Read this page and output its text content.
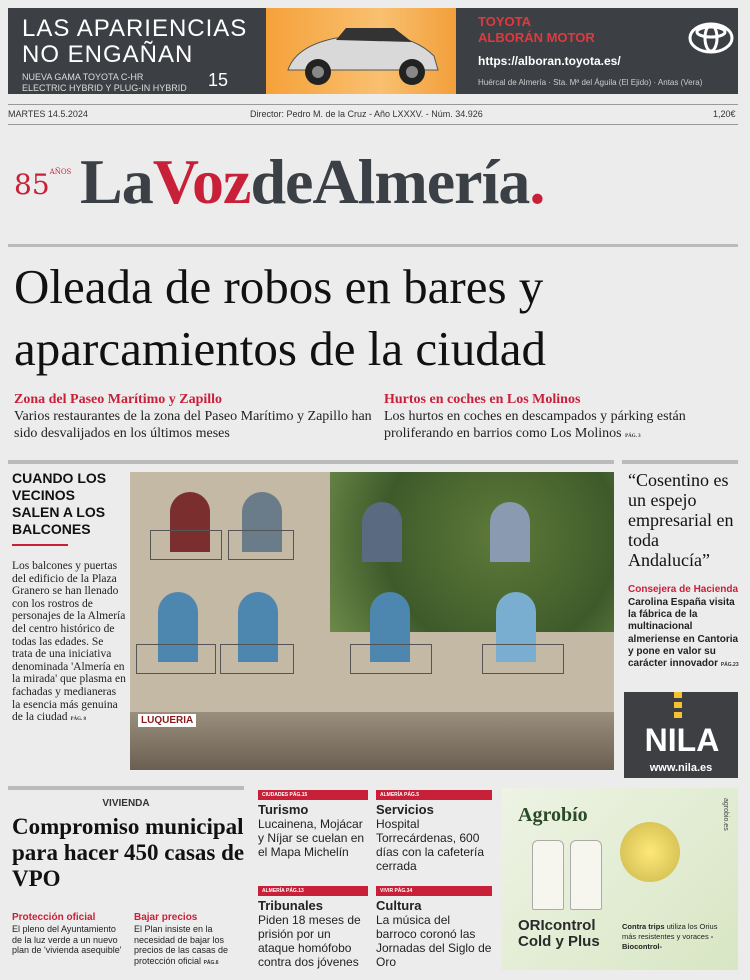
LAS APARIENCIAS
NO ENGAÑAN
NUEVA GAMA TOYOTA C-HR
ELECTRIC HYBRID Y PLUG-IN HYBRID 15
TOYOTA
ALBORÁN MOTOR
https://alboran.toyota.es/
Huércal de Almería · Sta. Mª del Águila (El Ejido) · Antas (Vera)
MARTES 14.5.2024	Director: Pedro M. de la Cruz - Año LXXXV. - Núm. 34.926	1,20€
$85^{AÑOS}$ LaVozdeAlmería.
Oleada de robos en bares y
aparcamientos de la ciudad
Zona del Paseo Marítimo y Zapillo
Varios restaurantes de la zona del Paseo Marítimo y Zapillo han sido desvalijados en los últimos meses
Hurtos en coches en Los Molinos
Los hurtos en coches en descampados y párking están proliferando en barrios como Los Molinos PÁG. 3
CUANDO LOS VECINOS SALEN A LOS BALCONES
Los balcones y puertas del edificio de la Plaza Granero se han llenado con los rostros de personajes de la Almería del centro histórico de todas las edades. Se trata de una iniciativa denominada 'Almería en la mirada' que plasma en fachadas y medianeras la esencia más genuina de la ciudad PÁG. 8	LUQUERIA
“Cosentino es un espejo empresarial en toda Andalucía”
Consejera de Hacienda
Carolina España visita la fábrica de la multinacional almeriense en Cantoria y pone en valor su carácter innovador PÁG.23
NILA
www.nila.es
VIVIENDA
Compromiso municipal para hacer 450 casas de VPO
Protección oficial
El pleno del Ayuntamiento de la luz verde a un nuevo plan de 'vivienda asequible'
Bajar precios
El Plan insiste en la necesidad de bajar los precios de las casas de protección oficial PÁG.6
CIUDADES PÁG.15
Turismo
Lucainena, Mojácar y Níjar se cuelan en el Mapa Michelín
ALMERÍA PÁG.5
Servicios
Hospital Torrecárdenas, 600 días con la cafetería cerrada
ALMERÍA PÁG.13
Tribunales
Piden 18 meses de prisión por un ataque homófobo contra dos jóvenes
VIVIR PÁG.34
Cultura
La música del barroco coronó las Jornadas del Siglo de Oro
Agrobío
ORIcontrol
Cold y Plus
Contra trips utiliza los Orius más resistentes y voraces - Biocontrol-
agrobio.es
